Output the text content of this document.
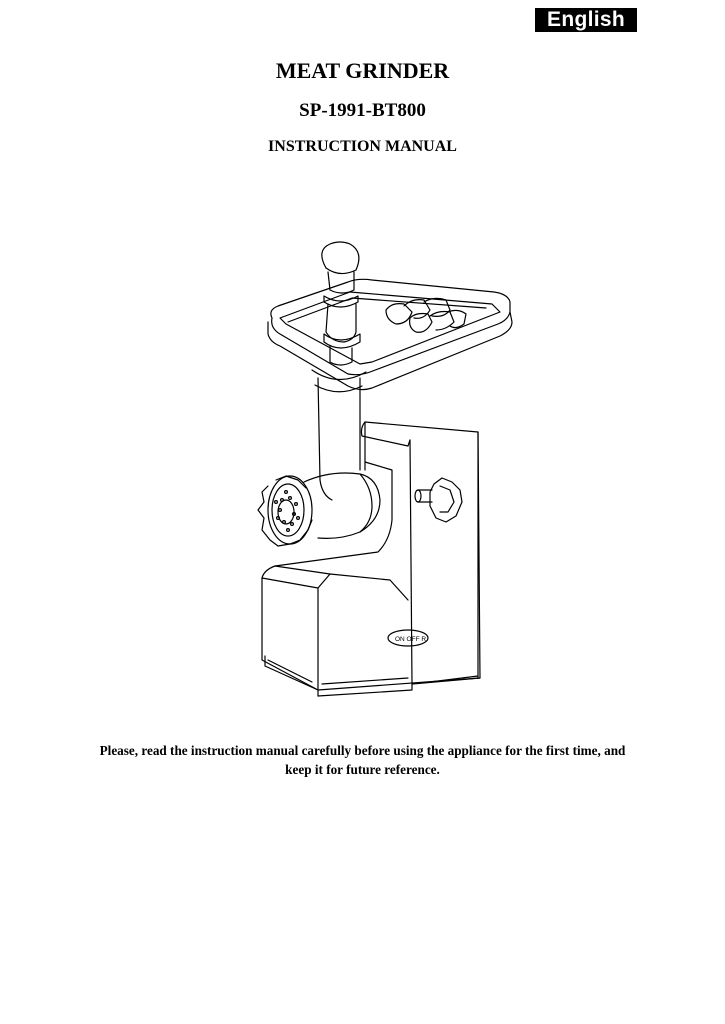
English
MEAT GRINDER
SP-1991-BT800
INSTRUCTION MANUAL
ON OFF R
Please, read the instruction manual carefully before using the appliance for the first time, and
keep it for future reference.
